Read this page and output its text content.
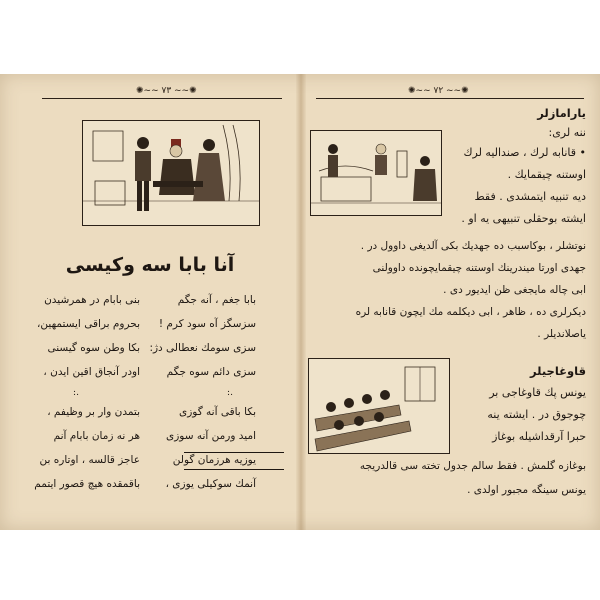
✺~~ ۷۳ ~~✺
آنا بابا سه وكيسى
بابا جغم ، آنه جگم
سزسگز آه سود کرم !
سزى سومك نعطالى دژ:
سزى دائم سوه جگم
بكا باقى آنه گوزى
اميد ورمن آنه سوزى
يوزيه هرزمان گولن
آنمك سوكيلى يوزى ،
بنى بابام در همرشيدن
بحروم براقى ايستمهين،
بكا وطن سوه گيسنى
اودر آنجاق اقين ايدن ،
بتمدن وار بر وظيفم ،
هر نه زمان بابام آنم
عاجز قالسه ، اوتاره بن
باقمقده هيچ قصور ايتمم
:.
:.
✺~~ ۷۲ ~~✺
يارامازلر
ننه لرى:
• قانابه لرك ، صنداليه لرك
اوستنه چيقمايك .
ديه تنبيه ايتمشدى . فقط
ايشته بوحقلى تنبيهى يه او .
نوتشلر ، بوكاسبب ده جهديك بكى آلديغى داوول در .
جهدى اورتا ميندرينك اوستنه چيقمايچونده داوولنى
ابى چاله مايجغى ظن ايديور دى .
ديكرلرى ده ، ظاهر ، ابى ديكلمه مك ايچون قانابه لره
ياصلانديلر .
قاوغاجيلر
يونس پك قاوغاجى بر
چوجوق در . ايشته ينه
حبرا آرقداشيله بوغاز
بوغازه گلمش . فقط سالم جدول تخته سى قالدريجه
يونس سينگه مجبور اولدى .
